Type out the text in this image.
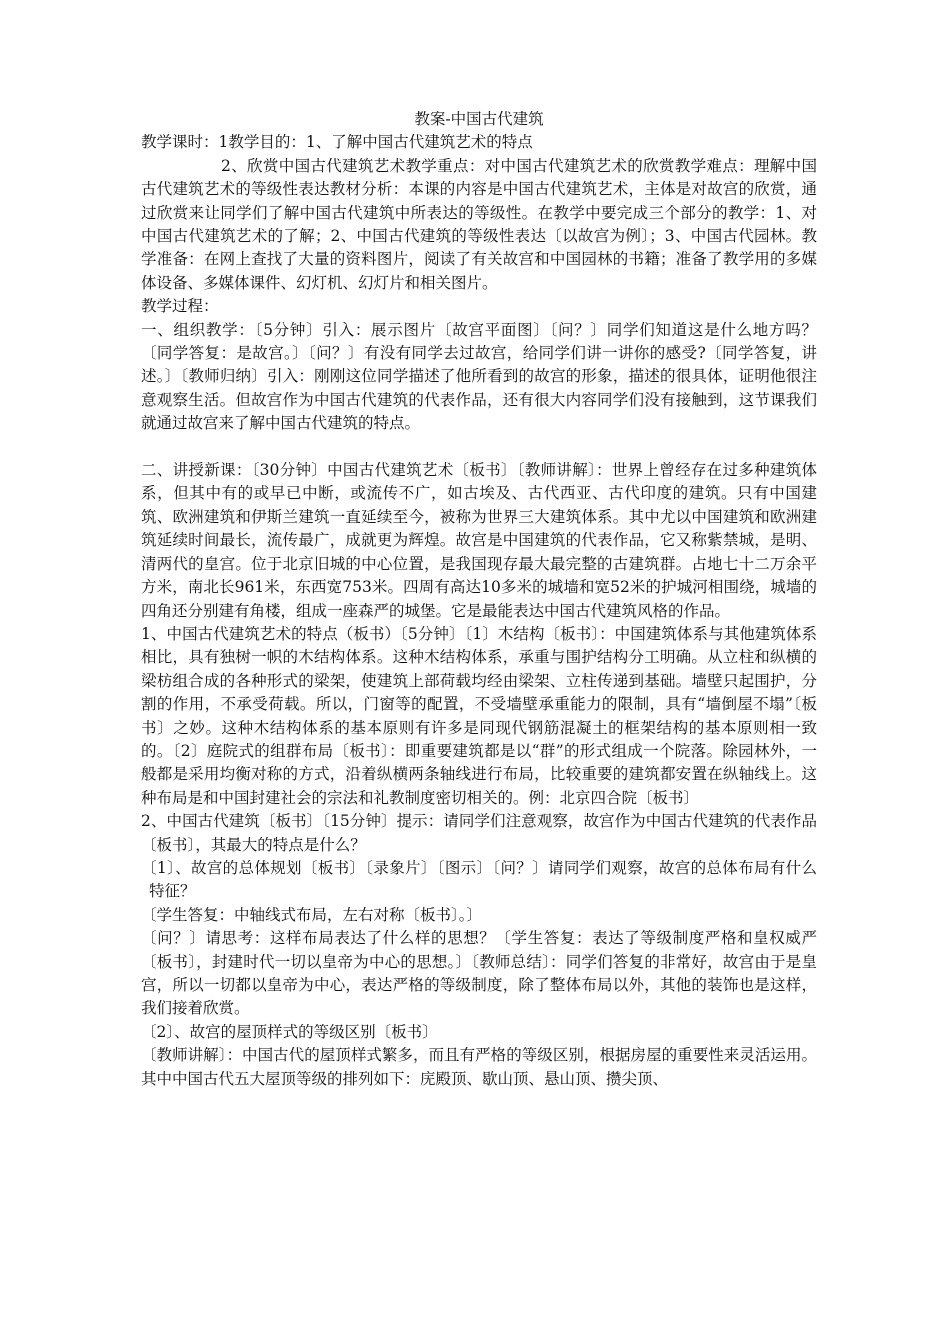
教案-中国古代建筑

教学课时：1教学目的：1、了解中国古代建筑艺术的特点

2、欣赏中国古代建筑艺术教学重点：对中国古代建筑艺术的欣赏教学难点：理解中国古代建筑艺术的等级性表达教材分析：本课的内容是中国古代建筑艺术，主体是对故宫的欣赏，通过欣赏来让同学们了解中国古代建筑中所表达的等级性。在教学中要完成三个部分的教学：1、对中国古代建筑艺术的了解；2、中国古代建筑的等级性表达〔以故宫为例〕；3、中国古代园林。教学准备：在网上查找了大量的资料图片，阅读了有关故宫和中国园林的书籍；准备了教学用的多媒体设备、多媒体课件、幻灯机、幻灯片和相关图片。

教学过程：

一、组织教学：〔5分钟〕引入：展示图片〔故宫平面图〕〔问？〕同学们知道这是什么地方吗？〔同学答复：是故宫。〕〔问？〕有没有同学去过故宫，给同学们讲一讲你的感受?〔同学答复，讲述。〕〔教师归纳〕引入：刚刚这位同学描述了他所看到的故宫的形象，描述的很具体，证明他很注意观察生活。但故宫作为中国古代建筑的代表作品，还有很大内容同学们没有接触到，这节课我们就通过故宫来了解中国古代建筑的特点。

二、讲授新课：〔30分钟〕中国古代建筑艺术〔板书〕〔教师讲解〕：世界上曾经存在过多种建筑体系，但其中有的或早已中断，或流传不广，如古埃及、古代西亚、古代印度的建筑。只有中国建筑、欧洲建筑和伊斯兰建筑一直延续至今，被称为世界三大建筑体系。其中尤以中国建筑和欧洲建筑延续时间最长，流传最广，成就更为辉煌。故宫是中国建筑的代表作品，它又称紫禁城，是明、清两代的皇宫。位于北京旧城的中心位置，是我国现存最大最完整的古建筑群。占地七十二万余平方米，南北长961米，东西宽753米。四周有高达10多米的城墙和宽52米的护城河相围绕，城墙的四角还分别建有角楼，组成一座森严的城堡。它是最能表达中国古代建筑风格的作品。

1、中国古代建筑艺术的特点（板书）〔5分钟〕〔1〕木结构〔板书〕：中国建筑体系与其他建筑体系相比，具有独树一帜的木结构体系。这种木结构体系，承重与围护结构分工明确。从立柱和纵横的梁枋组合成的各种形式的梁架，使建筑上部荷载均经由梁架、立柱传递到基础。墙壁只起围护，分割的作用，不承受荷载。所以，门窗等的配置，不受墙壁承重能力的限制，具有“墙倒屋不塌”〔板书〕之妙。这种木结构体系的基本原则有许多是同现代钢筋混凝土的框架结构的基本原则相一致的。〔2〕庭院式的组群布局〔板书〕：即重要建筑都是以“群”的形式组成一个院落。除园林外，一般都是采用均衡对称的方式，沿着纵横两条轴线进行布局，比较重要的建筑都安置在纵轴线上。这种布局是和中国封建社会的宗法和礼教制度密切相关的。例：北京四合院〔板书〕

2、中国古代建筑〔板书〕〔15分钟〕提示：请同学们注意观察，故宫作为中国古代建筑的代表作品〔板书〕，其最大的特点是什么？

〔1〕、故宫的总体规划〔板书〕〔录象片〕〔图示〕〔问？〕请同学们观察，故宫的总体布局有什么特征？

〔学生答复：中轴线式布局，左右对称〔板书〕。〕

〔问？〕请思考：这样布局表达了什么样的思想？〔学生答复：表达了等级制度严格和皇权威严〔板书〕，封建时代一切以皇帝为中心的思想。〕〔教师总结〕：同学们答复的非常好，故宫由于是皇宫，所以一切都以皇帝为中心，表达严格的等级制度，除了整体布局以外，其他的装饰也是这样，我们接着欣赏。

〔2〕、故宫的屋顶样式的等级区别〔板书〕

〔教师讲解〕：中国古代的屋顶样式繁多，而且有严格的等级区别，根据房屋的重要性来灵活运用。其中中国古代五大屋顶等级的排列如下：庑殿顶、歇山顶、悬山顶、攒尖顶、
